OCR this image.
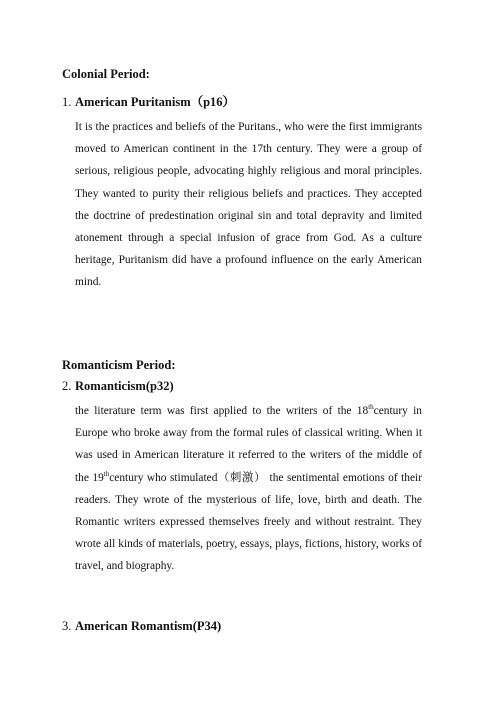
Colonial Period:
1. American Puritanism（p16）
It is the practices and beliefs of the Puritans., who were the first immigrants moved to American continent in the 17th century. They were a group of serious, religious people, advocating highly religious and moral principles. They wanted to purity their religious beliefs and practices. They accepted the doctrine of predestination original sin and total depravity and limited atonement through a special infusion of grace from God. As a culture heritage, Puritanism did have a profound influence on the early American mind.
Romanticism Period:
2. Romanticism(p32)
the literature term was first applied to the writers of the 18thcentury in Europe who broke away from the formal rules of classical writing. When it was used in American literature it referred to the writers of the middle of the 19thcentury who stimulated（刺激） the sentimental emotions of their readers. They wrote of the mysterious of life, love, birth and death. The Romantic writers expressed themselves freely and without restraint. They wrote all kinds of materials, poetry, essays, plays, fictions, history, works of travel, and biography.
3. American Romantism(P34)
